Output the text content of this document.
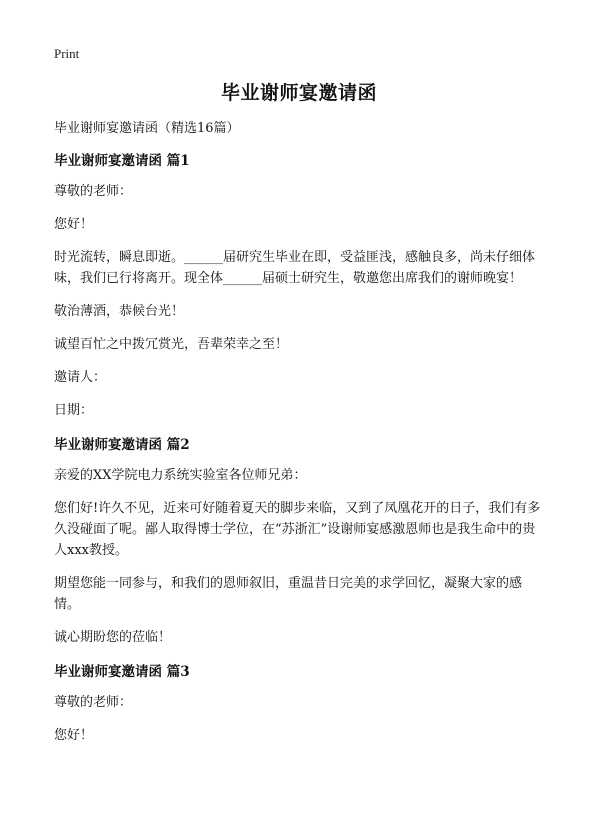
Print
毕业谢师宴邀请函
毕业谢师宴邀请函（精选16篇）
毕业谢师宴邀请函 篇1
尊敬的老师：
您好！
时光流转，瞬息即逝。______届研究生毕业在即，受益匪浅，感触良多，尚未仔细体味，我们已行将离开。现全体______届硕士研究生，敬邀您出席我们的谢师晚宴！
敬治薄酒，恭候台光！
诚望百忙之中拨冗赏光，吾辈荣幸之至！
邀请人：
日期：
毕业谢师宴邀请函 篇2
亲爱的XX学院电力系统实验室各位师兄弟：
您们好!许久不见，近来可好随着夏天的脚步来临，又到了凤凰花开的日子，我们有多久没碰面了呢。鄙人取得博士学位，在“苏浙汇”设谢师宴感激恩师也是我生命中的贵人xxx教授。
期望您能一同参与，和我们的恩师叙旧，重温昔日完美的求学回忆，凝聚大家的感情。
诚心期盼您的莅临！
毕业谢师宴邀请函 篇3
尊敬的老师：
您好！
